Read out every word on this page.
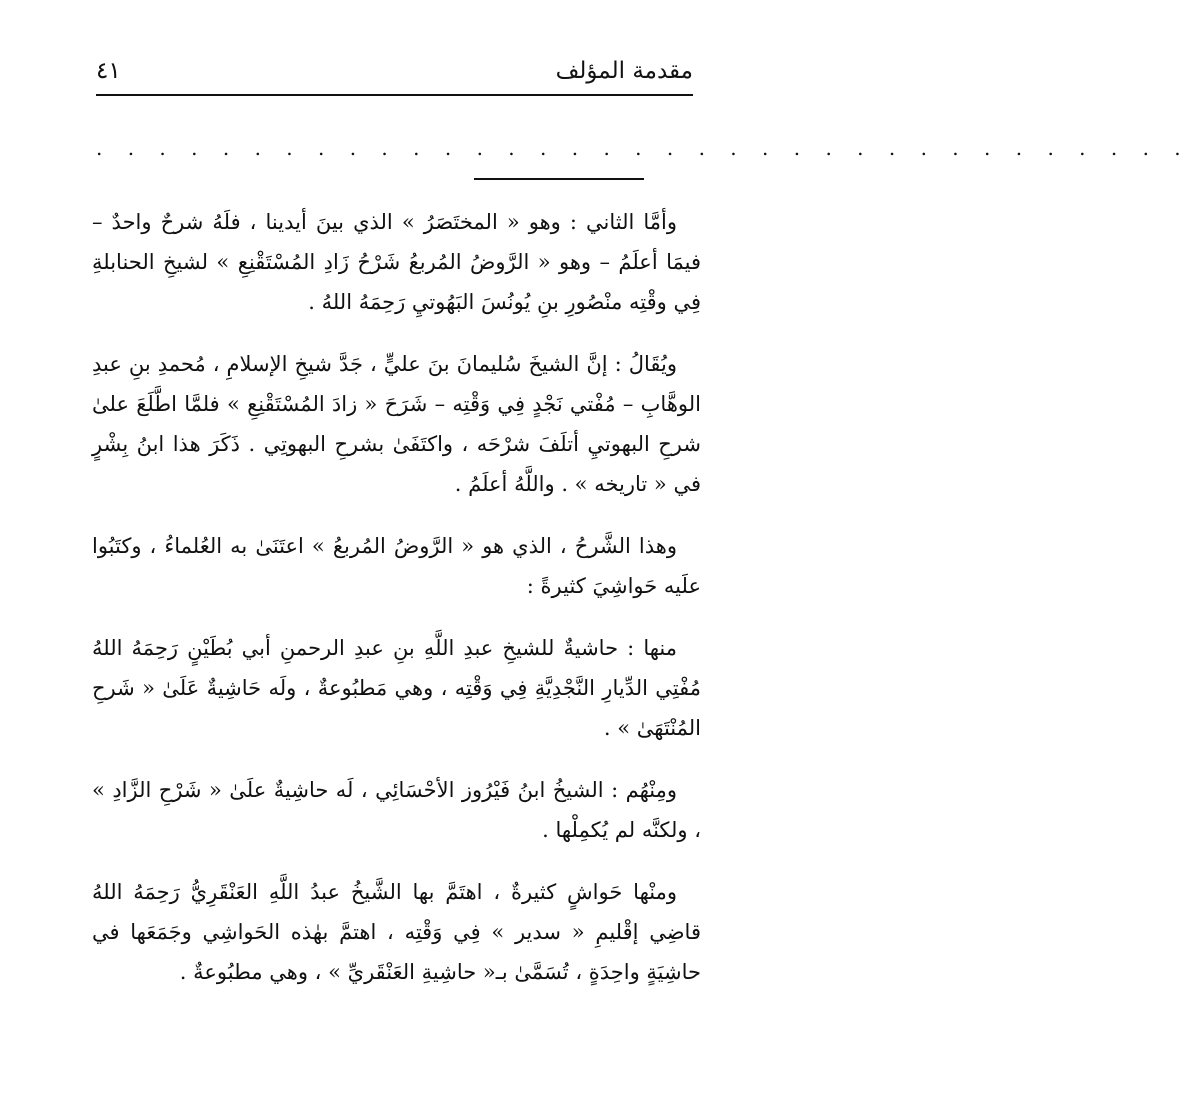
مقدمة المؤلف
٤١
. . . . . . . . . . . . . . . . . . . . . . . . . . . . . . . . . . .

وأمَّا الثاني : وهو « المختَصَرُ » الذي بينَ أيدينا ، فلَهُ شرحٌ واحدٌ – فيمَا أعلَمُ – وهو « الرَّوضُ المُربعُ شَرْحُ زَادِ المُسْتَقْنِعِ » لشيخِ الحنابلةِ فِي وقْتِه منْصُورِ بنِ يُونُسَ البَهُوتيِ رَحِمَهُ اللهُ .

ويُقَالُ : إنَّ الشيخَ سُليمانَ بنَ عليٍّ ، جَدَّ شيخِ الإسلامِ ، مُحمدِ بنِ عبدِ الوهَّابِ – مُفْتي نَجْدٍ فِي وَقْتِه – شَرَحَ « زادَ المُسْتَقْنِعِ » فلمَّا اطَّلَعَ علىٰ شرحِ البهوتيِ أتلَفَ شرْحَه ، واكتَفَىٰ بشرحِ البهوتِي . ذَكَرَ هذا ابنُ بِشْرٍ في « تاريخه » . واللَّهُ أعلَمُ .

وهذا الشَّرحُ ، الذي هو « الرَّوضُ المُربعُ » اعتَنَىٰ به العُلماءُ ، وكتَبُوا علَيه حَواشِيَ كثيرةً :

منها : حاشيةٌ للشيخِ عبدِ اللَّهِ بنِ عبدِ الرحمنِ أبي بُطَيْنٍ رَحِمَهُ اللهُ مُفْتِي الدِّيارِ النَّجْدِيَّةِ فِي وَقْتِه ، وهي مَطبُوعةٌ ، ولَه حَاشِيةٌ عَلَىٰ « شَرحِ المُنْتَهَىٰ » .

ومِنْهُم : الشيخُ ابنُ فَيْرُوز الأحْسَائِي ، لَه حاشِيةٌ علَىٰ « شَرْحِ الزَّادِ » ، ولكنَّه لم يُكمِلْها .

ومنْها حَواشٍ كثيرةٌ ، اهتَمَّ بها الشَّيخُ عبدُ اللَّهِ العَنْقَرِيُّ رَحِمَهُ اللهُ قاضِي إقْليمِ « سدير » فِي وَقْتِه ، اهتمَّ بهٰذه الحَواشِي وجَمَعَها في حاشِيَةٍ واحِدَةٍ ، تُسَمَّىٰ بـ« حاشِيةِ العَنْقَريِّ » ، وهي مطبُوعةٌ .
